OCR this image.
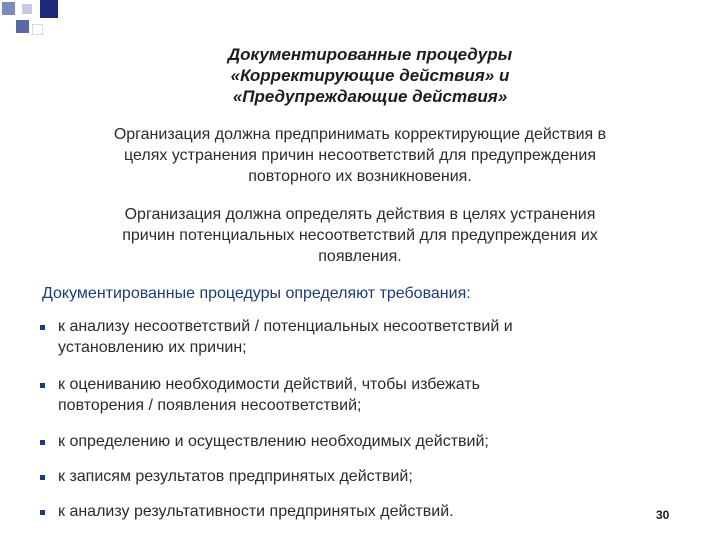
Документированные процедуры
«Корректирующие действия» и
«Предупреждающие действия»
Организация должна предпринимать корректирующие действия в
целях устранения причин несоответствий для предупреждения
повторного их возникновения.
Организация должна определять действия в целях устранения
причин потенциальных несоответствий для предупреждения их
появления.
Документированные процедуры определяют требования:
к анализу несоответствий / потенциальных несоответствий и
установлению их причин;
к оцениванию необходимости действий, чтобы избежать
повторения / появления несоответствий;
к определению и осуществлению необходимых действий;
к записям результатов предпринятых действий;
к анализу результативности предпринятых действий.	30
